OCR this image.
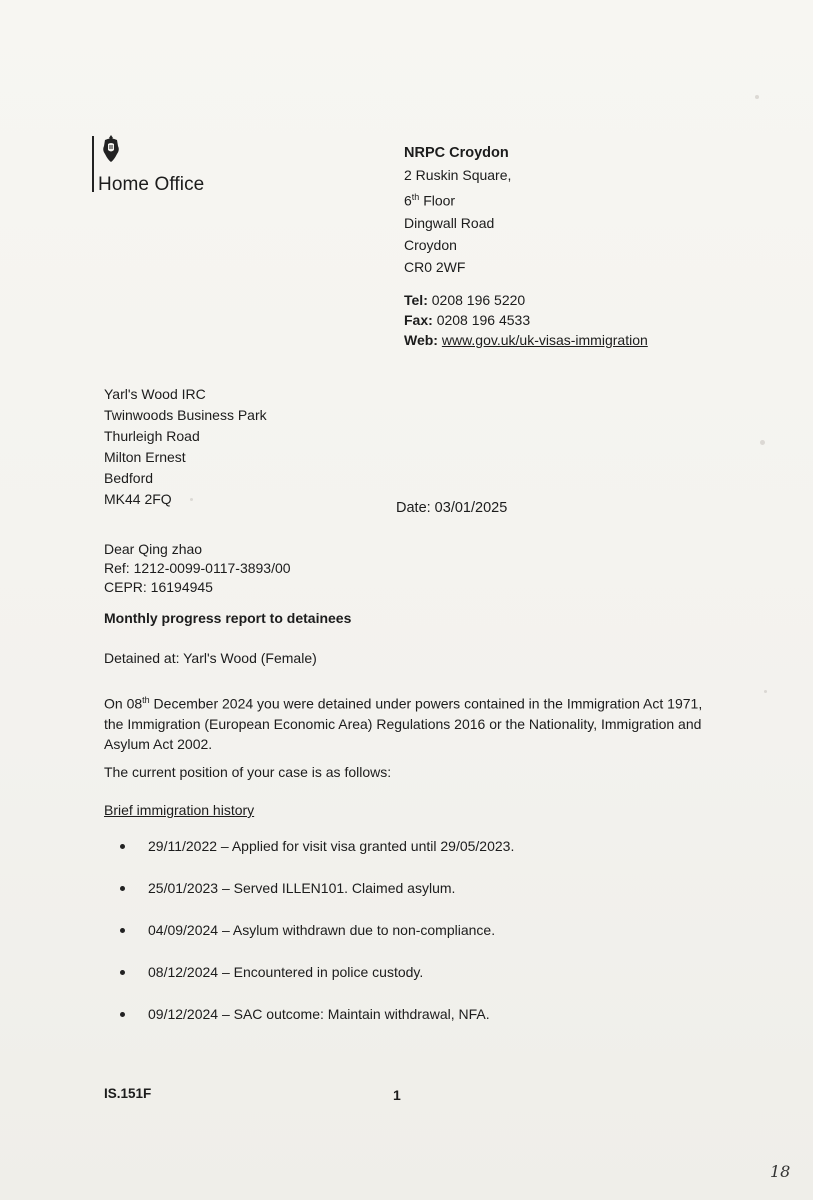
Home Office
NRPC Croydon
2 Ruskin Square,
6th Floor
Dingwall Road
Croydon
CR0 2WF
Tel: 0208 196 5220
Fax: 0208 196 4533
Web: www.gov.uk/uk-visas-immigration
Yarl's Wood IRC
Twinwoods Business Park
Thurleigh Road
Milton Ernest
Bedford
MK44 2FQ
Date: 03/01/2025
Dear Qing zhao
Ref: 1212-0099-0117-3893/00
CEPR: 16194945
Monthly progress report to detainees
Detained at: Yarl's Wood (Female)
On 08th December 2024 you were detained under powers contained in the Immigration Act 1971, the Immigration (European Economic Area) Regulations 2016 or the Nationality, Immigration and Asylum Act 2002.
The current position of your case is as follows:
Brief immigration history
29/11/2022 – Applied for visit visa granted until 29/05/2023.
25/01/2023 – Served ILLEN101. Claimed asylum.
04/09/2024 – Asylum withdrawn due to non-compliance.
08/12/2024 – Encountered in police custody.
09/12/2024 – SAC outcome: Maintain withdrawal, NFA.
IS.151F	1
18
